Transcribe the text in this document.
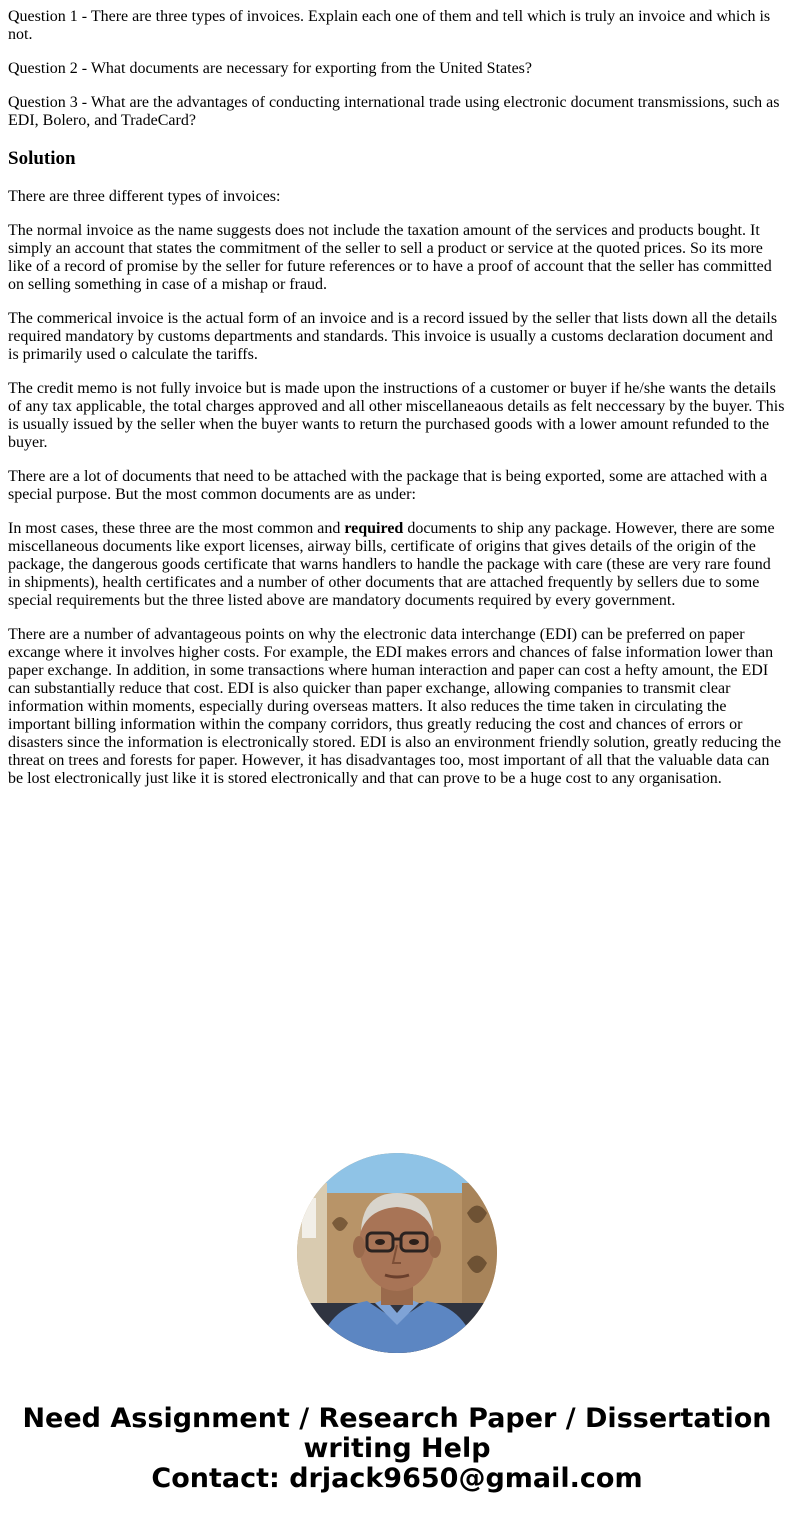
Question 1 - There are three types of invoices. Explain each one of them and tell which is truly an invoice and which is not.

Question 2 - What documents are necessary for exporting from the United States?

Question 3 - What are the advantages of conducting international trade using electronic document transmissions, such as EDI, Bolero, and TradeCard?

Solution

There are three different types of invoices:

The normal invoice as the name suggests does not include the taxation amount of the services and products bought. It simply an account that states the commitment of the seller to sell a product or service at the quoted prices. So its more like of a record of promise by the seller for future references or to have a proof of account that the seller has committed on selling something in case of a mishap or fraud.

The commerical invoice is the actual form of an invoice and is a record issued by the seller that lists down all the details required mandatory by customs departments and standards. This invoice is usually a customs declaration document and is primarily used o calculate the tariffs.

The credit memo is not fully invoice but is made upon the instructions of a customer or buyer if he/she wants the details of any tax applicable, the total charges approved and all other miscellaneaous details as felt neccessary by the buyer. This is usually issued by the seller when the buyer wants to return the purchased goods with a lower amount refunded to the buyer.

There are a lot of documents that need to be attached with the package that is being exported, some are attached with a special purpose. But the most common documents are as under:

In most cases, these three are the most common and required documents to ship any package. However, there are some miscellaneous documents like export licenses, airway bills, certificate of origins that gives details of the origin of the package, the dangerous goods certificate that warns handlers to handle the package with care (these are very rare found in shipments), health certificates and a number of other documents that are attached frequently by sellers due to some special requirements but the three listed above are mandatory documents required by every government.

There are a number of advantageous points on why the electronic data interchange (EDI) can be preferred on paper excange where it involves higher costs. For example, the EDI makes errors and chances of false information lower than paper exchange. In addition, in some transactions where human interaction and paper can cost a hefty amount, the EDI can substantially reduce that cost. EDI is also quicker than paper exchange, allowing companies to transmit clear information within moments, especially during overseas matters. It also reduces the time taken in circulating the important billing information within the company corridors, thus greatly reducing the cost and chances of errors or disasters since the information is electronically stored. EDI is also an environment friendly solution, greatly reducing the threat on trees and forests for paper. However, it has disadvantages too, most important of all that the valuable data can be lost electronically just like it is stored electronically and that can prove to be a huge cost to any organisation.

Need Assignment / Research Paper / Dissertation
writing Help
Contact: drjack9650@gmail.com
